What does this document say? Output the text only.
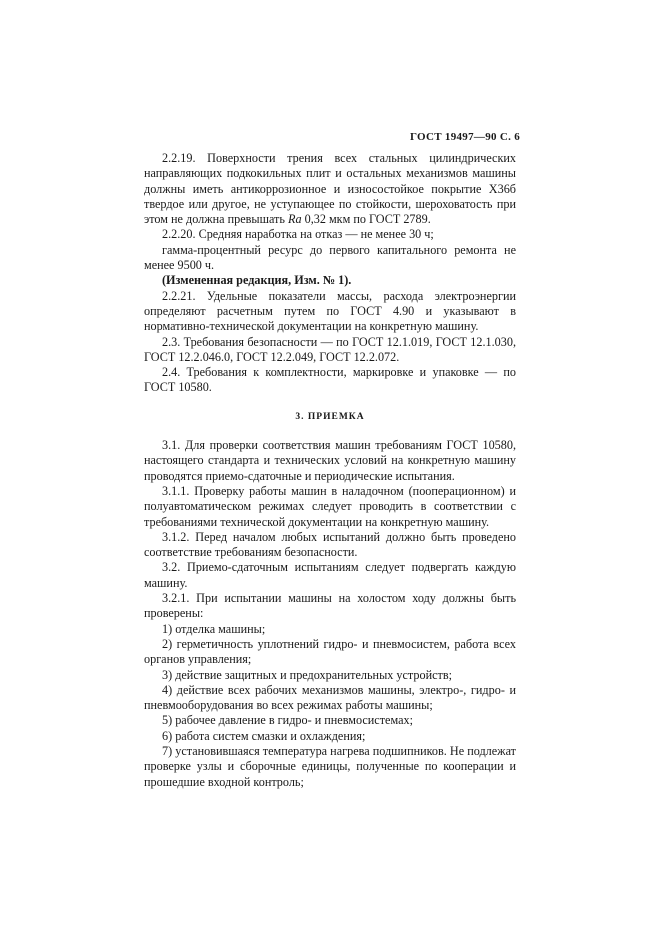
ГОСТ 19497—90 С. 6

2.2.19. Поверхности трения всех стальных цилиндрических направляющих подкокильных плит и остальных механизмов машины должны иметь антикоррозионное и износостойкое покрытие Х36б твердое или другое, не уступающее по стойкости, шероховатость при этом не должна превышать Ra 0,32 мкм по ГОСТ 2789.

2.2.20. Средняя наработка на отказ — не менее 30 ч;

гамма-процентный ресурс до первого капитального ремонта не менее 9500 ч.

(Измененная редакция, Изм. № 1).

2.2.21. Удельные показатели массы, расхода электроэнергии определяют расчетным путем по ГОСТ 4.90 и указывают в нормативно-технической документации на конкретную машину.

2.3. Требования безопасности — по ГОСТ 12.1.019, ГОСТ 12.1.030, ГОСТ 12.2.046.0, ГОСТ 12.2.049, ГОСТ 12.2.072.

2.4. Требования к комплектности, маркировке и упаковке — по ГОСТ 10580.

3. ПРИЕМКА

3.1. Для проверки соответствия машин требованиям ГОСТ 10580, настоящего стандарта и технических условий на конкретную машину проводятся приемо-сдаточные и периодические испытания.

3.1.1. Проверку работы машин в наладочном (пооперационном) и полуавтоматическом режимах следует проводить в соответствии с требованиями технической документации на конкретную машину.

3.1.2. Перед началом любых испытаний должно быть проведено соответствие требованиям безопасности.

3.2. Приемо-сдаточным испытаниям следует подвергать каждую машину.

3.2.1. При испытании машины на холостом ходу должны быть проверены:

1) отделка машины;

2) герметичность уплотнений гидро- и пневмосистем, работа всех органов управления;

3) действие защитных и предохранительных устройств;

4) действие всех рабочих механизмов машины, электро-, гидро- и пневмооборудования во всех режимах работы машины;

5) рабочее давление в гидро- и пневмосистемах;

6) работа систем смазки и охлаждения;

7) установившаяся температура нагрева подшипников. Не подлежат проверке узлы и сборочные единицы, полученные по кооперации и прошедшие входной контроль;
